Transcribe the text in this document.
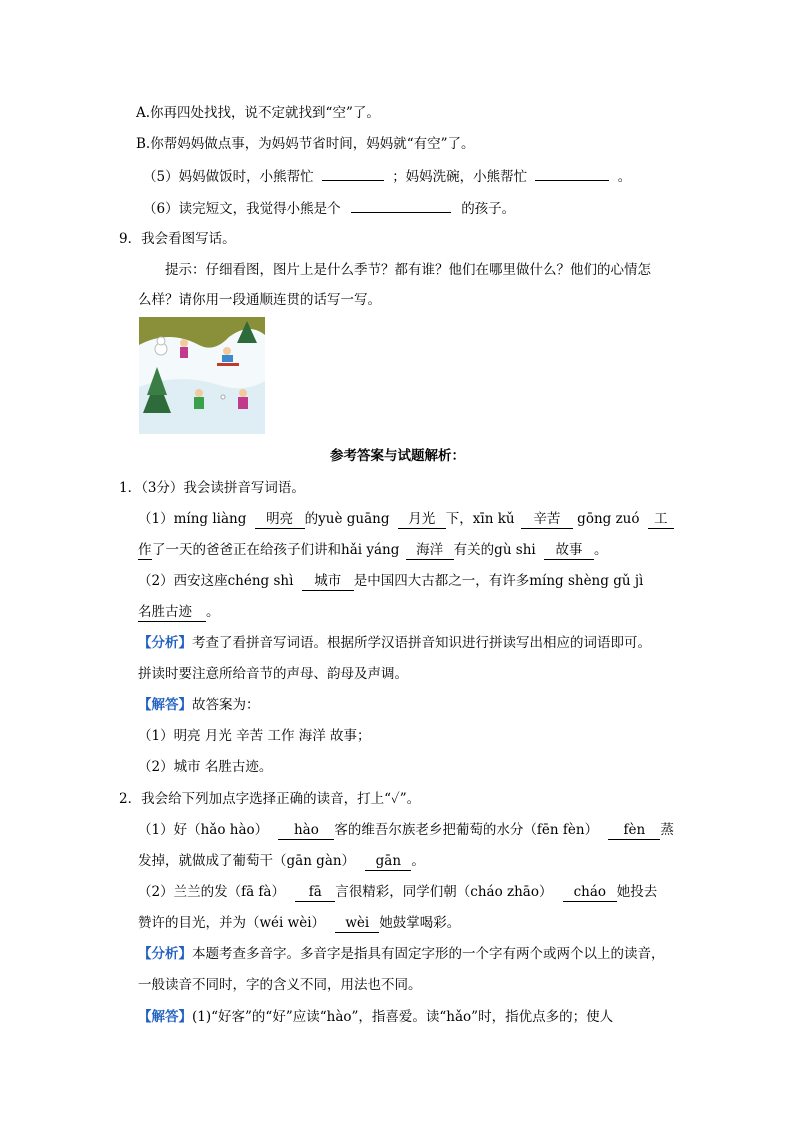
A.你再四处找找，说不定就找到“空”了。
B.你帮妈妈做点事，为妈妈节省时间，妈妈就“有空”了。
（5）妈妈做饭时，小熊帮忙	；妈妈洗碗，小熊帮忙	。
（6）读完短文，我觉得小熊是个	的孩子。
9．我会看图写话。
提示：仔细看图，图片上是什么季节？都有谁？他们在哪里做什么？他们的心情怎
么样？请你用一段通顺连贯的话写一写。
参考答案与试题解析：
1．（3分）我会读拼音写词语。
（1）míng liàng 明亮 的yuè guāng 月光 下，xīn kǔ 辛苦 gōng zuó 工
作了一天的爸爸正在给孩子们讲和hǎi yáng 海洋 有关的gù shi 故事 。
（2）西安这座chéng shì 城市 是中国四大古都之一，有许多míng shèng gǔ jì
名胜古迹 。
【分析】考查了看拼音写词语。根据所学汉语拼音知识进行拼读写出相应的词语即可。
拼读时要注意所给音节的声母、韵母及声调。
【解答】故答案为：
（1）明亮 月光 辛苦 工作 海洋 故事；
（2）城市 名胜古迹。
2．我会给下列加点字选择正确的读音，打上“✓”。
（1）好（hǎo hào） hào 客的维吾尔族老乡把葡萄的水分（fēn fèn） fèn 蒸
发掉，就做成了葡萄干（gān gàn） gān 。
（2）兰兰的发（fā fà） fā 言很精彩，同学们朝（cháo zhāo） cháo 她投去
赞许的目光，并为（wéi wèi） wèi 她鼓掌喝彩。
【分析】本题考查多音字。多音字是指具有固定字形的一个字有两个或两个以上的读音，
一般读音不同时，字的含义不同，用法也不同。
【解答】(1)“好客”的“好”应读“hào”，指喜爱。读“hǎo”时，指优点多的；使人
